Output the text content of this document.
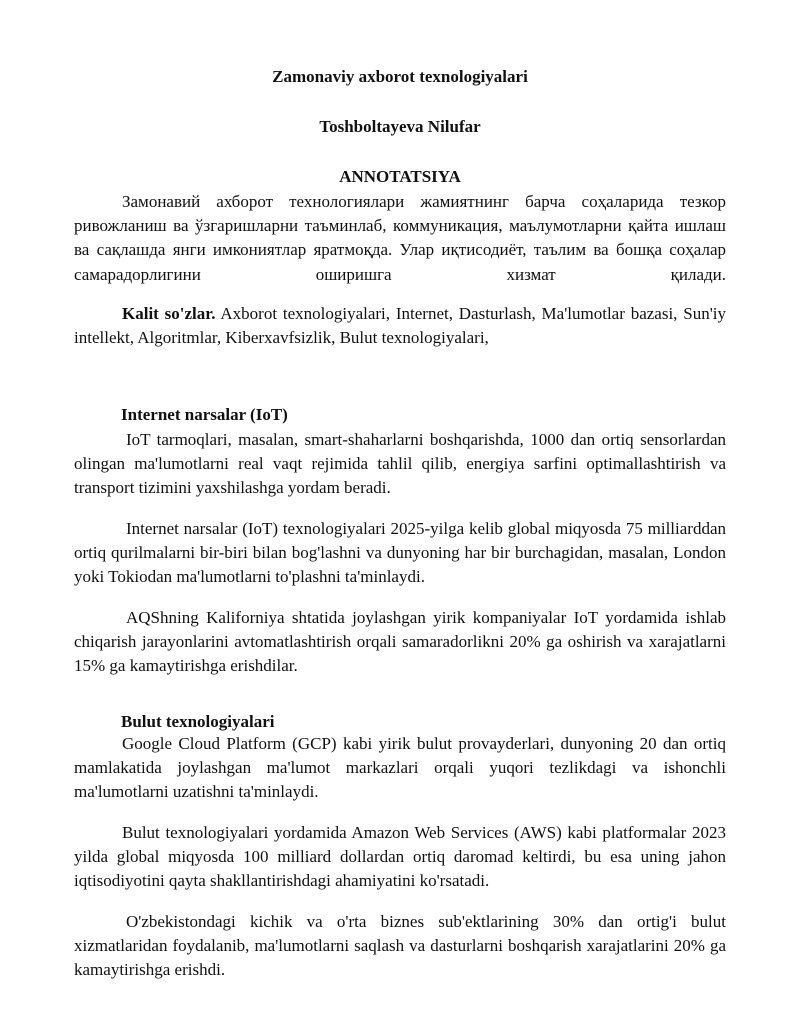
Zamonaviy axborot texnologiyalari

Toshboltayeva Nilufar

ANNOTATSIYA

Замонавий ахборот технологиялари жамиятнинг барча соҳаларида тезкор ривожланиш ва ўзгаришларни таъминлаб, коммуникация, маълумотларни қайта ишлаш ва сақлашда янги имкониятлар яратмоқда. Улар иқтисодиёт, таълим ва бошқа соҳалар самарадорлигини оширишга хизмат қилади.

Kalit so'zlar. Axborot texnologiyalari, Internet, Dasturlash, Ma'lumotlar bazasi, Sun'iy intellekt, Algoritmlar, Kiberxavfsizlik, Bulut texnologiyalari,

Internet narsalar (IoT)

IoT tarmoqlari, masalan, smart-shaharlarni boshqarishda, 1000 dan ortiq sensorlardan olingan ma'lumotlarni real vaqt rejimida tahlil qilib, energiya sarfini optimallashtirish va transport tizimini yaxshilashga yordam beradi.

Internet narsalar (IoT) texnologiyalari 2025-yilga kelib global miqyosda 75 milliarddan ortiq qurilmalarni bir-biri bilan bog'lashni va dunyoning har bir burchagidan, masalan, London yoki Tokiodan ma'lumotlarni to'plashni ta'minlaydi.

AQShning Kaliforniya shtatida joylashgan yirik kompaniyalar IoT yordamida ishlab chiqarish jarayonlarini avtomatlashtirish orqali samaradorlikni 20% ga oshirish va xarajatlarni 15% ga kamaytirishga erishdilar.

Bulut texnologiyalari

Google Cloud Platform (GCP) kabi yirik bulut provayderlari, dunyoning 20 dan ortiq mamlakatida joylashgan ma'lumot markazlari orqali yuqori tezlikdagi va ishonchli ma'lumotlarni uzatishni ta'minlaydi.

Bulut texnologiyalari yordamida Amazon Web Services (AWS) kabi platformalar 2023 yilda global miqyosda 100 milliard dollardan ortiq daromad keltirdi, bu esa uning jahon iqtisodiyotini qayta shakllantirishdagi ahamiyatini ko'rsatadi.

O'zbekistondagi kichik va o'rta biznes sub'ektlarining 30% dan ortig'i bulut xizmatlaridan foydalanib, ma'lumotlarni saqlash va dasturlarni boshqarish xarajatlarini 20% ga kamaytirishga erishdi.
